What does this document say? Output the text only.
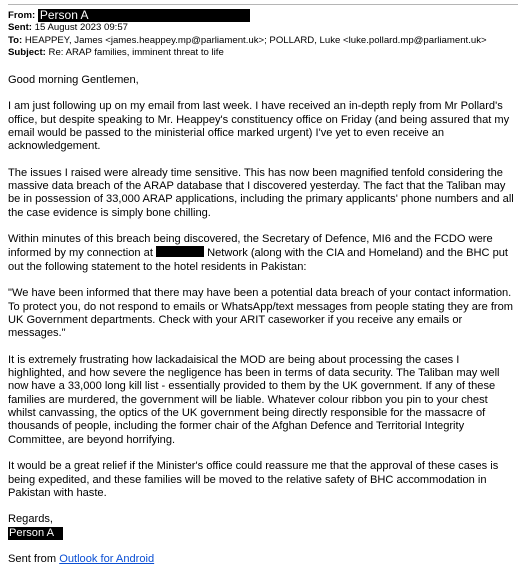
From: Person A
Sent: 15 August 2023 09:57
To: HEAPPEY, James <james.heappey.mp@parliament.uk>; POLLARD, Luke <luke.pollard.mp@parliament.uk>
Subject: Re: ARAP families, imminent threat to life

Good morning Gentlemen,

I am just following up on my email from last week. I have received an in-depth reply from Mr Pollard's office, but despite speaking to Mr. Heappey's constituency office on Friday (and being assured that my email would be passed to the ministerial office marked urgent) I've yet to even receive an acknowledgement.

The issues I raised were already time sensitive. This has now been magnified tenfold considering the massive data breach of the ARAP database that I discovered yesterday. The fact that the Taliban may be in possession of 33,000 ARAP applications, including the primary applicants' phone numbers and all the case evidence is simply bone chilling.

Within minutes of this breach being discovered, the Secretary of Defence, MI6 and the FCDO were informed by my connection at	Network (along with the CIA and Homeland) and the BHC put out the following statement to the hotel residents in Pakistan:

"We have been informed that there may have been a potential data breach of your contact information. To protect you, do not respond to emails or WhatsApp/text messages from people stating they are from UK Government departments. Check with your ARIT caseworker if you receive any emails or messages."

It is extremely frustrating how lackadaisical the MOD are being about processing the cases I highlighted, and how severe the negligence has been in terms of data security. The Taliban may well now have a 33,000 long kill list - essentially provided to them by the UK government. If any of these families are murdered, the government will be liable. Whatever colour ribbon you pin to your chest whilst canvassing, the optics of the UK government being directly responsible for the massacre of thousands of people, including the former chair of the Afghan Defence and Territorial Integrity Committee, are beyond horrifying.

It would be a great relief if the Minister's office could reassure me that the approval of these cases is being expedited, and these families will be moved to the relative safety of BHC accommodation in Pakistan with haste.

Regards,
Person A

Sent from Outlook for Android
